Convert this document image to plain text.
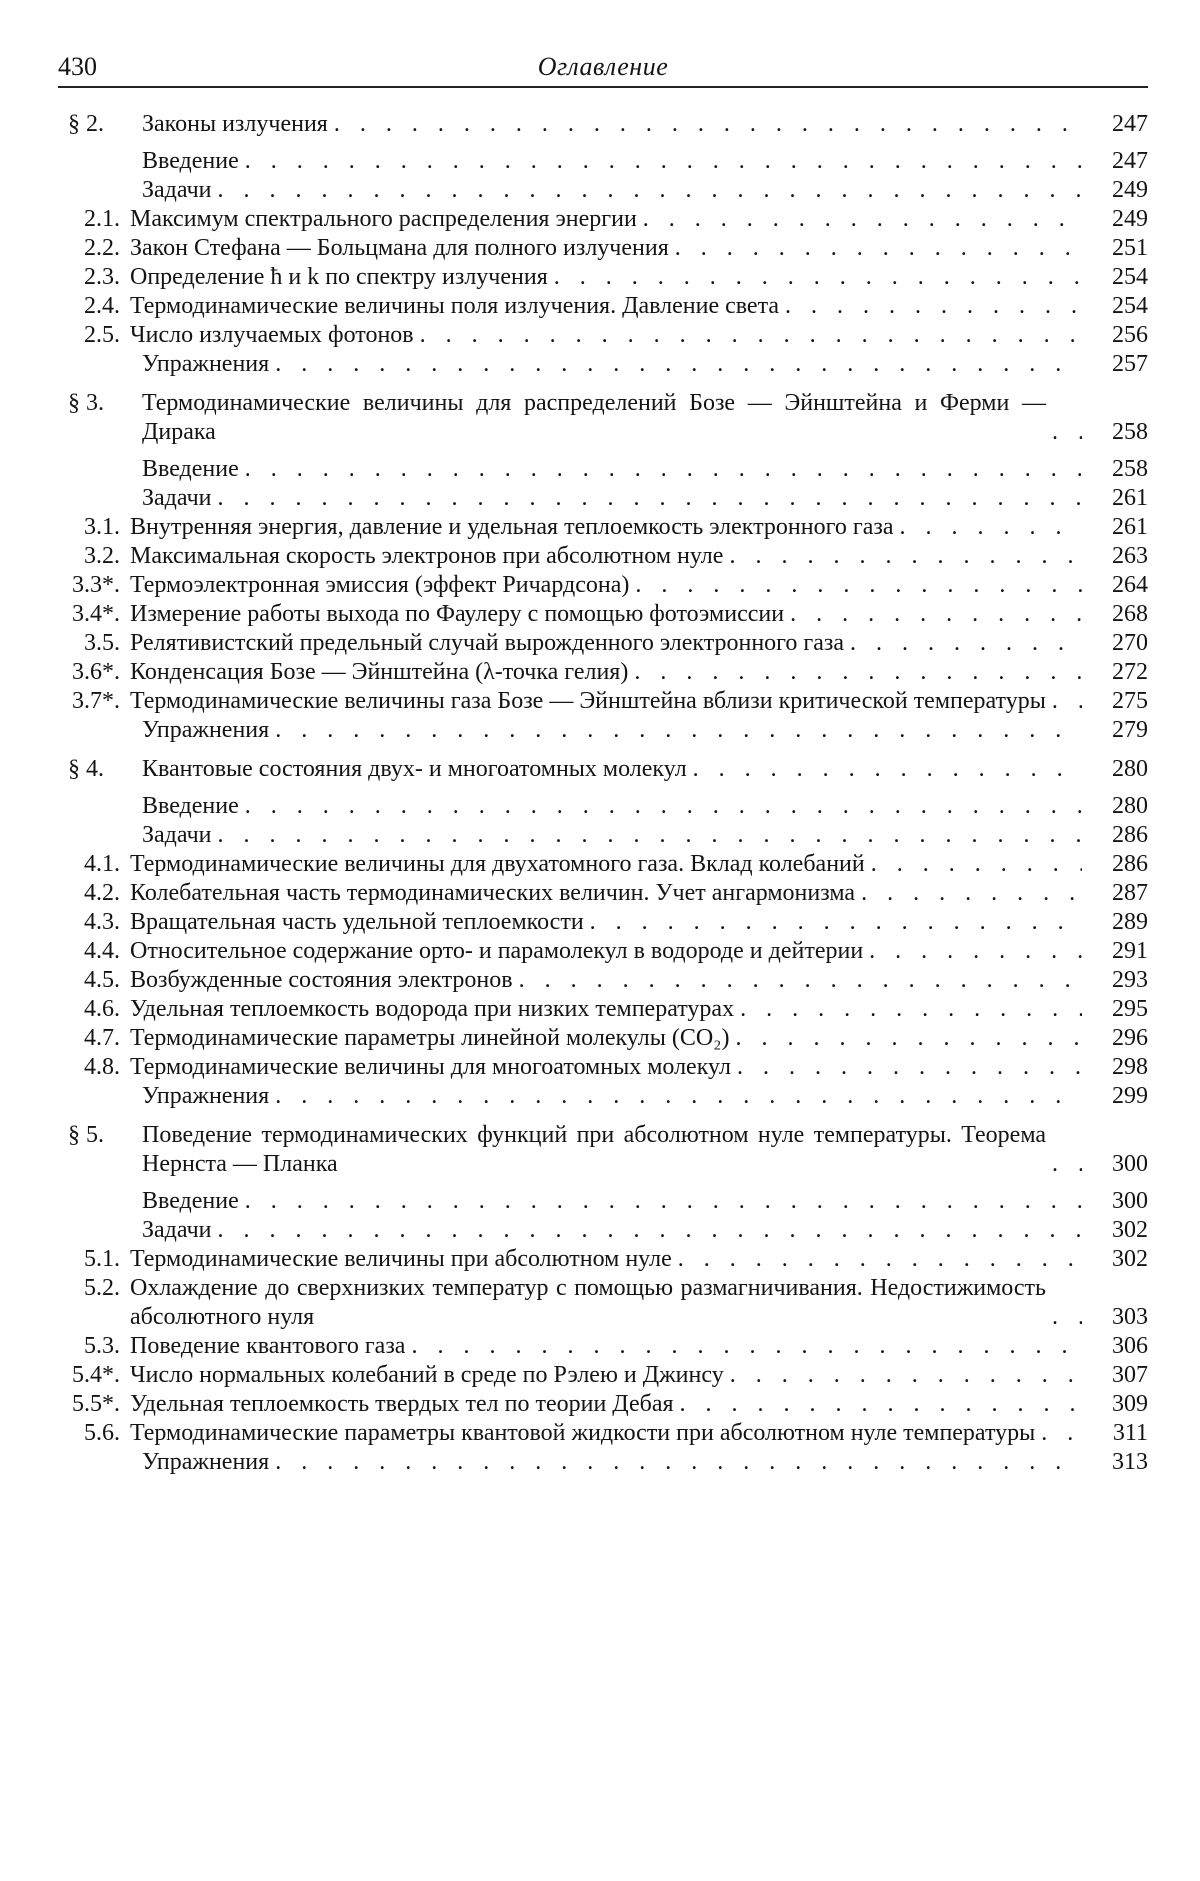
430	Оглавление
§ 2.	Законы излучения . . .	247
Введение . . .	247
Задачи . . .	249
2.1. Максимум спектрального распределения энергии . . .	249
2.2. Закон Стефана — Больцмана для полного излучения . . .	251
2.3. Определение ħ и k по спектру излучения . . .	254
2.4. Термодинамические величины поля излучения. Давление света . . .	254
2.5. Число излучаемых фотонов . . .	256
Упражнения . . .	257
§ 3.	Термодинамические величины для распределений Бозе — Эйнштейна и Ферми — Дирака . . .	258
Введение . . .	258
Задачи . . .	261
3.1. Внутренняя энергия, давление и удельная теплоемкость электронного газа . . .	261
3.2. Максимальная скорость электронов при абсолютном нуле . . .	263
3.3*. Термоэлектронная эмиссия (эффект Ричардсона) . . .	264
3.4*. Измерение работы выхода по Фаулеру с помощью фотоэмиссии . . .	268
3.5. Релятивистский предельный случай вырожденного электронного газа . . .	270
3.6*. Конденсация Бозе — Эйнштейна (λ-точка гелия) . . .	272
3.7*. Термодинамические величины газа Бозе — Эйнштейна вблизи критической температуры . . .	275
Упражнения . . .	279
§ 4.	Квантовые состояния двух- и многоатомных молекул . . .	280
Введение . . .	280
Задачи . . .	286
4.1. Термодинамические величины для двухатомного газа. Вклад колебаний . . .	286
4.2. Колебательная часть термодинамических величин. Учет ангармонизма . . .	287
4.3. Вращательная часть удельной теплоемкости . . .	289
4.4. Относительное содержание орто- и парамолекул в водороде и дейтерии . . .	291
4.5. Возбужденные состояния электронов . . .	293
4.6. Удельная теплоемкость водорода при низких температурах . . .	295
4.7. Термодинамические параметры линейной молекулы (CO₂) . . .	296
4.8. Термодинамические величины для многоатомных молекул . . .	298
Упражнения . . .	299
§ 5.	Поведение термодинамических функций при абсолютном нуле температуры. Теорема Нернста — Планка . . .	300
Введение . . .	300
Задачи . . .	302
5.1. Термодинамические величины при абсолютном нуле . . .	302
5.2. Охлаждение до сверхнизких температур с помощью размагничивания. Недостижимость абсолютного нуля . . .	303
5.3. Поведение квантового газа . . .	306
5.4*. Число нормальных колебаний в среде по Рэлею и Джинсу . . .	307
5.5*. Удельная теплоемкость твердых тел по теории Дебая . . .	309
5.6. Термодинамические параметры квантовой жидкости при абсолютном нуле температуры . . .	311
Упражнения . . .	313
